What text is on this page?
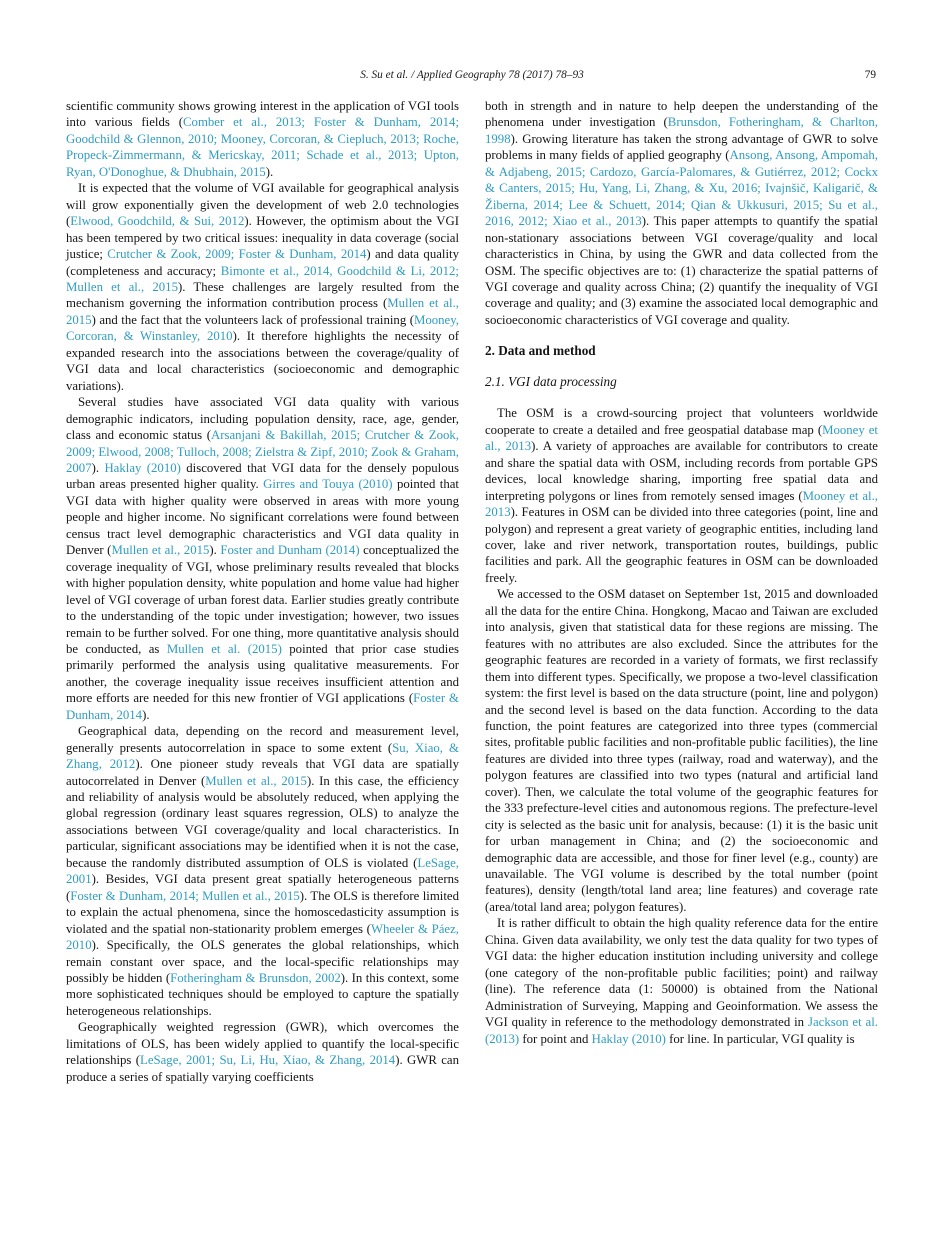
S. Su et al. / Applied Geography 78 (2017) 78–93	79

scientific community shows growing interest in the application of VGI tools into various fields (Comber et al., 2013; Foster & Dunham, 2014; Goodchild & Glennon, 2010; Mooney, Corcoran, & Ciepluch, 2013; Roche, Propeck-Zimmermann, & Mericskay, 2011; Schade et al., 2013; Upton, Ryan, O'Donoghue, & Dhubhain, 2015).

It is expected that the volume of VGI available for geographical analysis will grow exponentially given the development of web 2.0 technologies (Elwood, Goodchild, & Sui, 2012). However, the optimism about the VGI has been tempered by two critical issues: inequality in data coverage (social justice; Crutcher & Zook, 2009; Foster & Dunham, 2014) and data quality (completeness and accuracy; Bimonte et al., 2014, Goodchild & Li, 2012; Mullen et al., 2015). These challenges are largely resulted from the mechanism governing the information contribution process (Mullen et al., 2015) and the fact that the volunteers lack of professional training (Mooney, Corcoran, & Winstanley, 2010). It therefore highlights the necessity of expanded research into the associations between the coverage/quality of VGI data and local characteristics (socioeconomic and demographic variations).

Several studies have associated VGI data quality with various demographic indicators, including population density, race, age, gender, class and economic status (Arsanjani & Bakillah, 2015; Crutcher & Zook, 2009; Elwood, 2008; Tulloch, 2008; Zielstra & Zipf, 2010; Zook & Graham, 2007). Haklay (2010) discovered that VGI data for the densely populous urban areas presented higher quality. Girres and Touya (2010) pointed that VGI data with higher quality were observed in areas with more young people and higher income. No significant correlations were found between census tract level demographic characteristics and VGI data quality in Denver (Mullen et al., 2015). Foster and Dunham (2014) conceptualized the coverage inequality of VGI, whose preliminary results revealed that blocks with higher population density, white population and home value had higher level of VGI coverage of urban forest data. Earlier studies greatly contribute to the understanding of the topic under investigation; however, two issues remain to be further solved. For one thing, more quantitative analysis should be conducted, as Mullen et al. (2015) pointed that prior case studies primarily performed the analysis using qualitative measurements. For another, the coverage inequality issue receives insufficient attention and more efforts are needed for this new frontier of VGI applications (Foster & Dunham, 2014).

Geographical data, depending on the record and measurement level, generally presents autocorrelation in space to some extent (Su, Xiao, & Zhang, 2012). One pioneer study reveals that VGI data are spatially autocorrelated in Denver (Mullen et al., 2015). In this case, the efficiency and reliability of analysis would be absolutely reduced, when applying the global regression (ordinary least squares regression, OLS) to analyze the associations between VGI coverage/quality and local characteristics. In particular, significant associations may be identified when it is not the case, because the randomly distributed assumption of OLS is violated (LeSage, 2001). Besides, VGI data present great spatially heterogeneous patterns (Foster & Dunham, 2014; Mullen et al., 2015). The OLS is therefore limited to explain the actual phenomena, since the homoscedasticity assumption is violated and the spatial non-stationarity problem emerges (Wheeler & Páez, 2010). Specifically, the OLS generates the global relationships, which remain constant over space, and the local-specific relationships may possibly be hidden (Fotheringham & Brunsdon, 2002). In this context, some more sophisticated techniques should be employed to capture the spatially heterogeneous relationships.

Geographically weighted regression (GWR), which overcomes the limitations of OLS, has been widely applied to quantify the local-specific relationships (LeSage, 2001; Su, Li, Hu, Xiao, & Zhang, 2014). GWR can produce a series of spatially varying coefficients

both in strength and in nature to help deepen the understanding of the phenomena under investigation (Brunsdon, Fotheringham, & Charlton, 1998). Growing literature has taken the strong advantage of GWR to solve problems in many fields of applied geography (Ansong, Ansong, Ampomah, & Adjabeng, 2015; Cardozo, García-Palomares, & Gutiérrez, 2012; Cockx & Canters, 2015; Hu, Yang, Li, Zhang, & Xu, 2016; Ivajnšič, Kaligarič, & Žiberna, 2014; Lee & Schuett, 2014; Qian & Ukkusuri, 2015; Su et al., 2016, 2012; Xiao et al., 2013). This paper attempts to quantify the spatial non-stationary associations between VGI coverage/quality and local characteristics in China, by using the GWR and data collected from the OSM. The specific objectives are to: (1) characterize the spatial patterns of VGI coverage and quality across China; (2) quantify the inequality of VGI coverage and quality; and (3) examine the associated local demographic and socioeconomic characteristics of VGI coverage and quality.

2. Data and method
2.1. VGI data processing

The OSM is a crowd-sourcing project that volunteers worldwide cooperate to create a detailed and free geospatial database map (Mooney et al., 2013). A variety of approaches are available for contributors to create and share the spatial data with OSM, including records from portable GPS devices, local knowledge sharing, importing free spatial data and interpreting polygons or lines from remotely sensed images (Mooney et al., 2013). Features in OSM can be divided into three categories (point, line and polygon) and represent a great variety of geographic entities, including land cover, lake and river network, transportation routes, buildings, public facilities and park. All the geographic features in OSM can be downloaded freely.

We accessed to the OSM dataset on September 1st, 2015 and downloaded all the data for the entire China. Hongkong, Macao and Taiwan are excluded into analysis, given that statistical data for these regions are missing. The features with no attributes are also excluded. Since the attributes for the geographic features are recorded in a variety of formats, we first reclassify them into different types. Specifically, we propose a two-level classification system: the first level is based on the data structure (point, line and polygon) and the second level is based on the data function. According to the data function, the point features are categorized into three types (commercial sites, profitable public facilities and non-profitable public facilities), the line features are divided into three types (railway, road and waterway), and the polygon features are classified into two types (natural and artificial land cover). Then, we calculate the total volume of the geographic features for the 333 prefecture-level cities and autonomous regions. The prefecture-level city is selected as the basic unit for analysis, because: (1) it is the basic unit for urban management in China; and (2) the socioeconomic and demographic data are accessible, and those for finer level (e.g., county) are unavailable. The VGI volume is described by the total number (point features), density (length/total land area; line features) and coverage rate (area/total land area; polygon features).

It is rather difficult to obtain the high quality reference data for the entire China. Given data availability, we only test the data quality for two types of VGI data: the higher education institution including university and college (one category of the non-profitable public facilities; point) and railway (line). The reference data (1: 50000) is obtained from the National Administration of Surveying, Mapping and Geoinformation. We assess the VGI quality in reference to the methodology demonstrated in Jackson et al. (2013) for point and Haklay (2010) for line. In particular, VGI quality is
